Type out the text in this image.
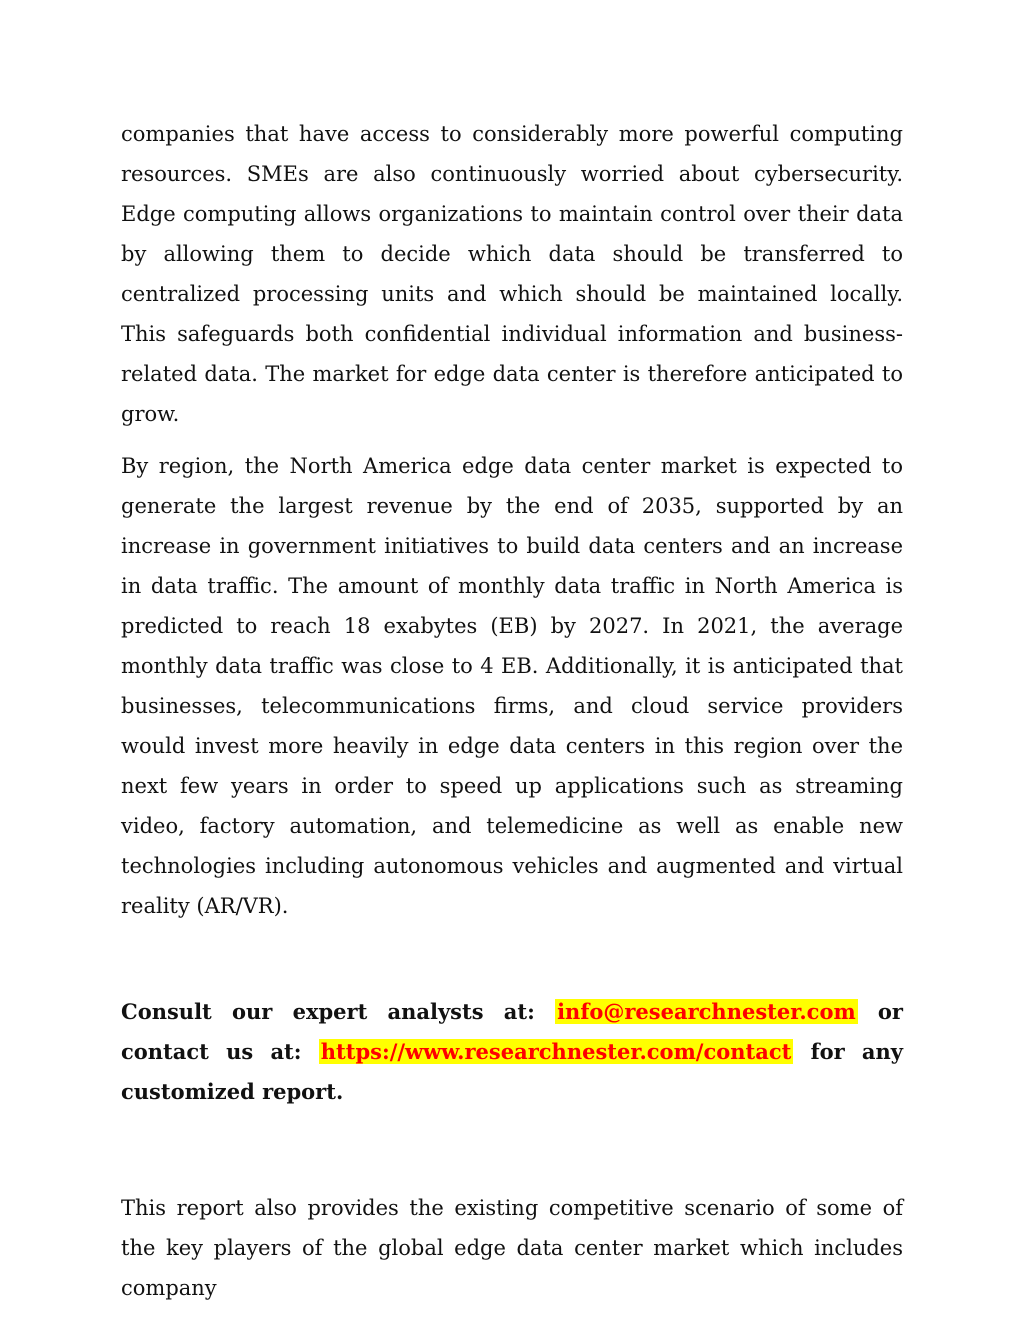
companies that have access to considerably more powerful computing resources. SMEs are also continuously worried about cybersecurity. Edge computing allows organizations to maintain control over their data by allowing them to decide which data should be transferred to centralized processing units and which should be maintained locally. This safeguards both confidential individual information and business-related data. The market for edge data center is therefore anticipated to grow.

By region, the North America edge data center market is expected to generate the largest revenue by the end of 2035, supported by an increase in government initiatives to build data centers and an increase in data traffic. The amount of monthly data traffic in North America is predicted to reach 18 exabytes (EB) by 2027. In 2021, the average monthly data traffic was close to 4 EB. Additionally, it is anticipated that businesses, telecommunications firms, and cloud service providers would invest more heavily in edge data centers in this region over the next few years in order to speed up applications such as streaming video, factory automation, and telemedicine as well as enable new technologies including autonomous vehicles and augmented and virtual reality (AR/VR).

Consult our expert analysts at: info@researchnester.com or contact us at: https://www.researchnester.com/contact for any customized report.

This report also provides the existing competitive scenario of some of the key players of the global edge data center market which includes company
